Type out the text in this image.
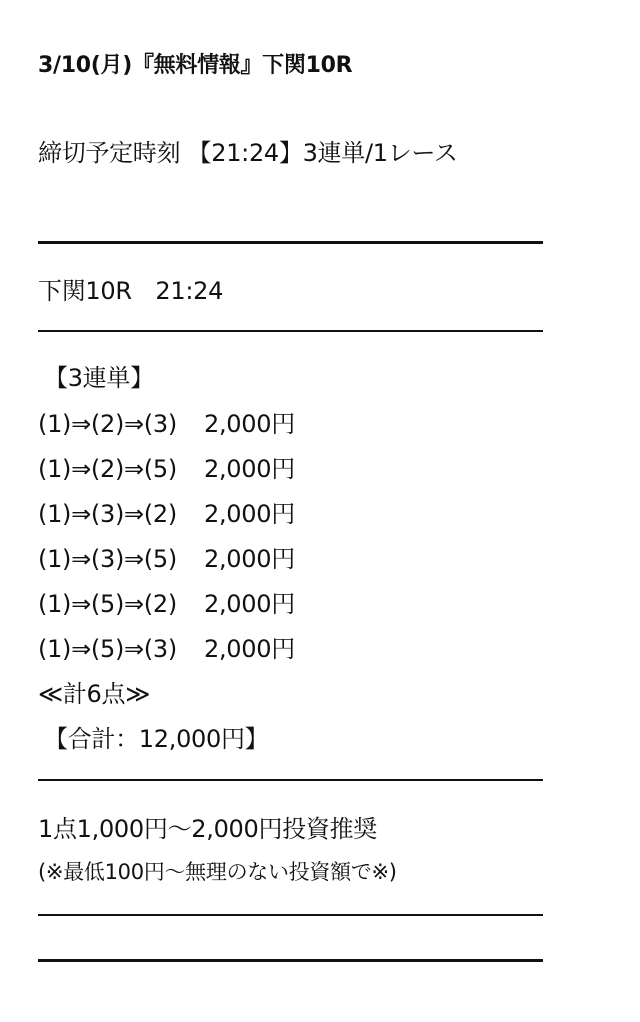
3/10(月)『無料情報』下関10R
締切予定時刻 【21:24】3連単/1レース
下関10R　21:24
【3連単】
(1)⇒(2)⇒(3) 2,000円
(1)⇒(2)⇒(5) 2,000円
(1)⇒(3)⇒(2) 2,000円
(1)⇒(3)⇒(5) 2,000円
(1)⇒(5)⇒(2) 2,000円
(1)⇒(5)⇒(3) 2,000円
≪計6点≫
【合計：12,000円】
1点1,000円～2,000円投資推奨
(※最低100円～無理のない投資額で※)
